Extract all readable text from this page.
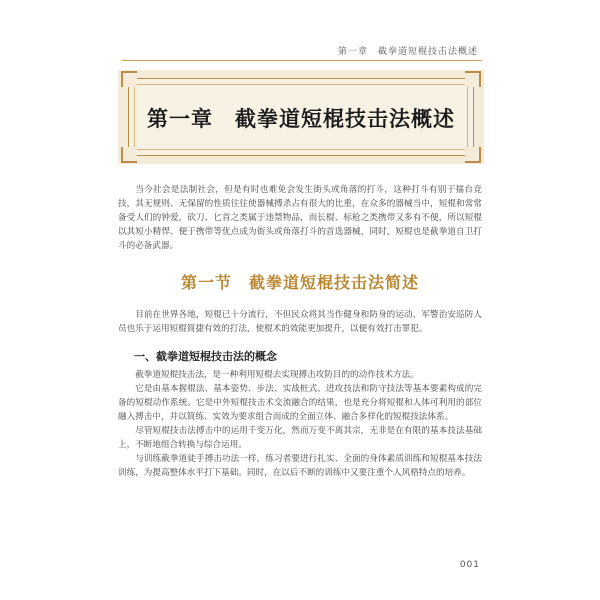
第一章　截拳道短棍技击法概述
第一章　截拳道短棍技击法概述

当今社会是法制社会，但是有时也难免会发生街头或角落的打斗，这种打斗有别于擂台竞技，其无规则、无保留的性质往往使器械搏杀占有很大的比重，在众多的器械当中，短棍和常常备受人们的钟爱，砍刀、匕首之类属于违禁物品，而长棍、标枪之类携带又多有不便，所以短棍以其短小精悍、便于携带等优点成为街头或角落打斗的首选器械，同时，短棍也是截拳道自卫打斗的必备武器。

第一节　截拳道短棍技击法简述

目前在世界各地，短棍已十分流行，不但民众将其当作健身和防身的运动，军警治安巡防人员也乐于运用短棍简捷有效的打法，使棍术的效能更加提升，以便有效打击罪犯。

一、截拳道短棍技击法的概念

截拳道短棍技击法，是一种利用短棍去实现搏击攻防目的的动作技术方法。

它是由基本握棍法、基本姿势、步法、实战桩式、进攻技法和防守技法等基本要素构成的完备的短棍动作系统。它是中外短棍技击术交流融合的结果，也是充分将短棍和人体可利用的部位融入搏击中，并以简练、实效为要求组合而成的全面立体、融合多样化的短棍技法体系。

尽管短棍技击法搏击中的运用千变万化，然而万变不离其宗，无非是在有限的基本技法基础上，不断地组合转换与综合运用。

与训练截拳道徒手搏击功法一样，练习者要进行扎实、全面的身体素质训练和短棍基本技法训练，为提高整体水平打下基础。同时，在以后不断的训练中又要注重个人风格特点的培养。

001
